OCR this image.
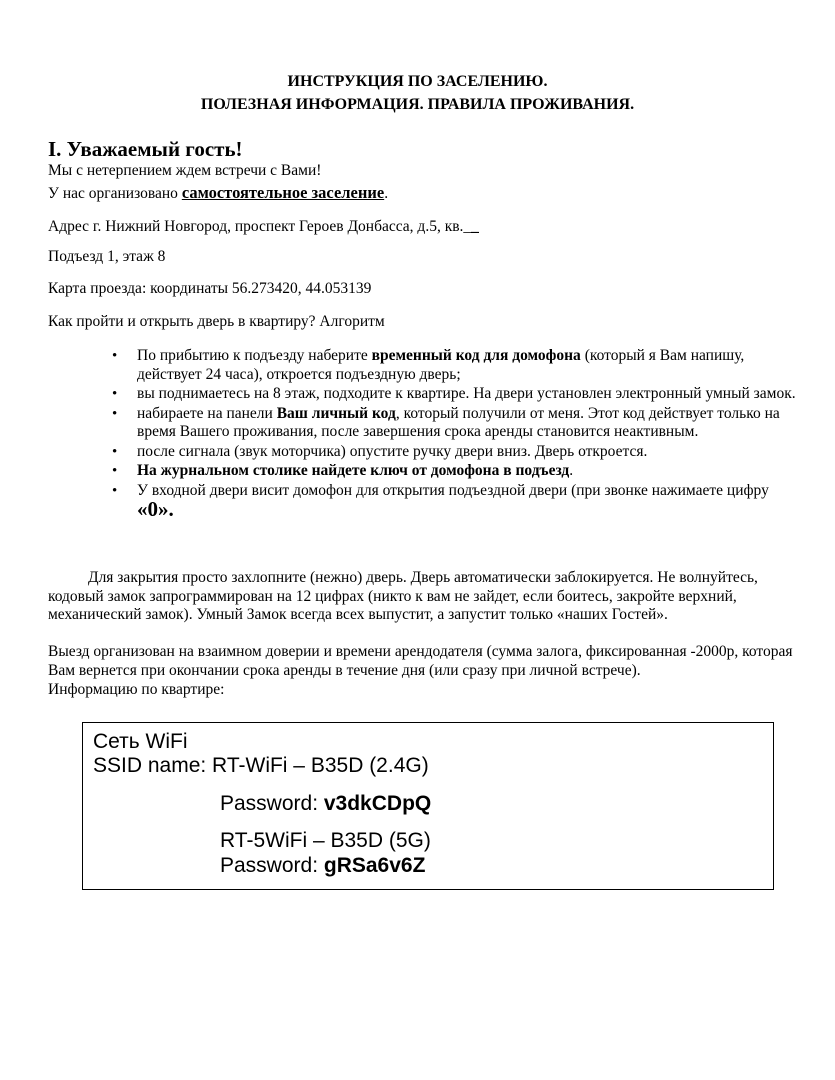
ИНСТРУКЦИЯ ПО ЗАСЕЛЕНИЮ.
ПОЛЕЗНАЯ ИНФОРМАЦИЯ. ПРАВИЛА ПРОЖИВАНИЯ.
I. Уважаемый гость!
Мы с нетерпением ждем встречи с Вами!
У нас организовано самостоятельное заселение.
Адрес г. Нижний Новгород, проспект Героев Донбасса, д.5, кв.__
Подъезд 1, этаж 8
Карта проезда: координаты 56.273420, 44.053139
Как пройти и открыть дверь в квартиру? Алгоритм
• По прибытию к подъезду наберите временный код для домофона (который я Вам напишу, действует 24 часа), откроется подъездную дверь;
• вы поднимаетесь на 8 этаж, подходите к квартире. На двери установлен электронный умный замок.
• набираете на панели Ваш личный код, который получили от меня. Этот код действует только на время Вашего проживания, после завершения срока аренды становится неактивным.
• после сигнала (звук моторчика) опустите ручку двери вниз. Дверь откроется.
• На журнальном столике найдете ключ от домофона в подъезд.
• У входной двери висит домофон для открытия подъездной двери (при звонке нажимаете цифру «0».
Для закрытия просто захлопните (нежно) дверь. Дверь автоматически заблокируется. Не волнуйтесь, кодовый замок запрограммирован на 12 цифрах (никто к вам не зайдет, если боитесь, закройте верхний, механический замок). Умный Замок всегда всех выпустит, а запустит только «наших Гостей».
Выезд организован на взаимном доверии и времени арендодателя (сумма залога, фиксированная -2000р, которая Вам вернется при окончании срока аренды в течение дня (или сразу при личной встрече).
Информацию по квартире:
Сеть WiFi
SSID name: RT-WiFi – B35D (2.4G)
Password: v3dkCDpQ
RT-5WiFi – B35D (5G)
Password: gRSa6v6Z
